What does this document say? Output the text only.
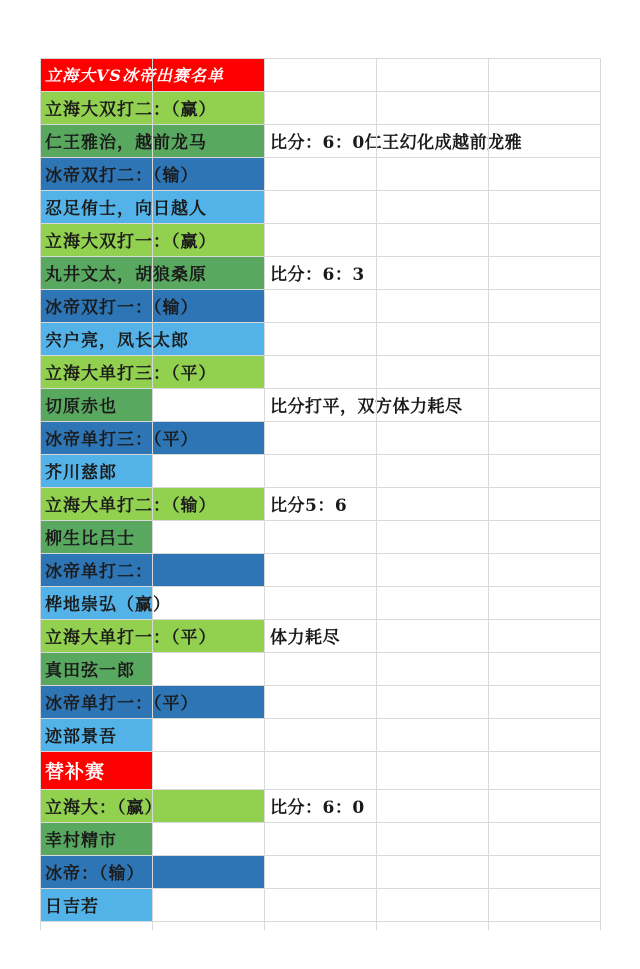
立海大VS冰帝出赛名单
立海大双打二：（赢）
仁王雅治，越前龙马	比分：6：0仁王幻化成越前龙雅
冰帝双打二：（输）
忍足侑士，向日越人
立海大双打一：（赢）
丸井文太，胡狼桑原	比分：6：3
冰帝双打一：（输）
宍户亮，凤长太郎
立海大单打三：（平）
切原赤也	比分打平，双方体力耗尽
冰帝单打三：（平）
芥川慈郎
立海大单打二：（输）	比分5：6
柳生比吕士
冰帝单打二：
桦地崇弘（赢）
立海大单打一：（平）	体力耗尽
真田弦一郎
冰帝单打一：（平）
迹部景吾
替补赛
立海大：（赢）	比分：6：0
幸村精市
冰帝：（输）
日吉若
